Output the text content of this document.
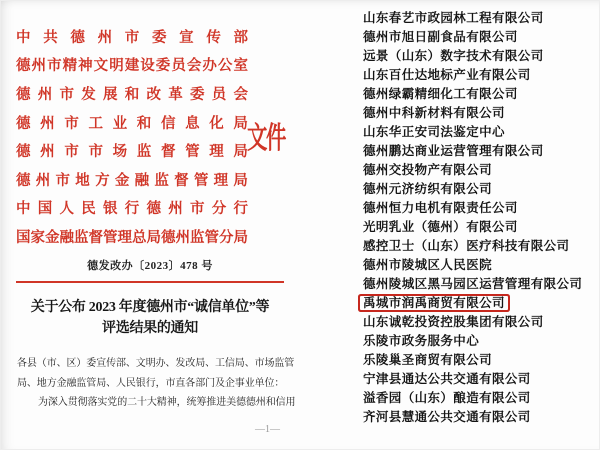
中 共 德 州 市 委 宣 传 部
德 州 市 精 神 文 明 建 设 委 员 会 办 公 室
德 州 市 发 展 和 改 革 委 员 会
德 州 市 工 业 和 信 息 化 局
德 州 市 市 场 监 督 管 理 局
德 州 市 地 方 金 融 监 督 管 理 局
中 国 人 民 银 行 德 州 市 分 行
国 家 金 融 监 督 管 理 总 局 德 州 监 管 分 局
文件
德发改办〔2023〕478 号
关于公布 2023 年度德州市“诚信单位”等
评选结果的通知
各县（市、区）委宣传部、文明办、发改局、工信局、市场监管
局、地方金融监管局、人民银行，市直各部门及企事业单位：
为深入贯彻落实党的二十大精神，统筹推进美德德州和信用
—1—
山东春艺市政园林工程有限公司
德州市旭日副食品有限公司
远景（山东）数字技术有限公司
山东百仕达地标产业有限公司
德州绿霸精细化工有限公司
德州中科新材料有限公司
山东华正安司法鉴定中心
德州鹏达商业运营管理有限公司
德州交投物产有限公司
德州元济纺织有限公司
德州恒力电机有限责任公司
光明乳业（德州）有限公司
感控卫士（山东）医疗科技有限公司
德州市陵城区人民医院
德州陵城区黑马园区运营管理有限公司
禹城市润禹商贸有限公司
山东诚乾投资控股集团有限公司
乐陵市政务服务中心
乐陵巢圣商贸有限公司
宁津县通达公共交通有限公司
溢香园（山东）酿造有限公司
齐河县慧通公共交通有限公司
